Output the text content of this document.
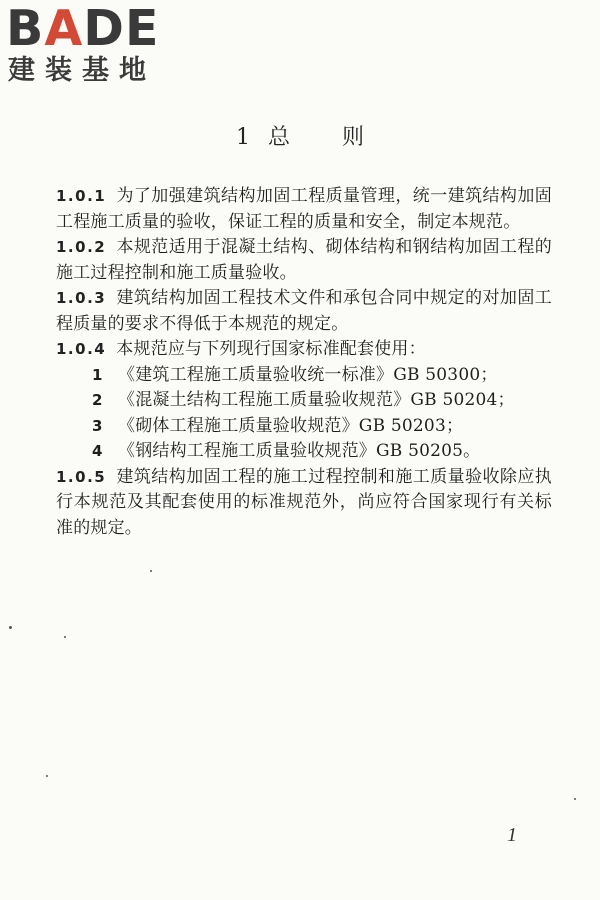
BADE
建装基地
1 总 则

1.0.1 为了加强建筑结构加固工程质量管理，统一建筑结构加固工程施工质量的验收，保证工程的质量和安全，制定本规范。

1.0.2 本规范适用于混凝土结构、砌体结构和钢结构加固工程的施工过程控制和施工质量验收。

1.0.3 建筑结构加固工程技术文件和承包合同中规定的对加固工程质量的要求不得低于本规范的规定。

1.0.4 本规范应与下列现行国家标准配套使用：

1 《建筑工程施工质量验收统一标准》GB 50300；

2 《混凝土结构工程施工质量验收规范》GB 50204；

3 《砌体工程施工质量验收规范》GB 50203；

4 《钢结构工程施工质量验收规范》GB 50205。

1.0.5 建筑结构加固工程的施工过程控制和施工质量验收除应执行本规范及其配套使用的标准规范外，尚应符合国家现行有关标准的规定。

1
